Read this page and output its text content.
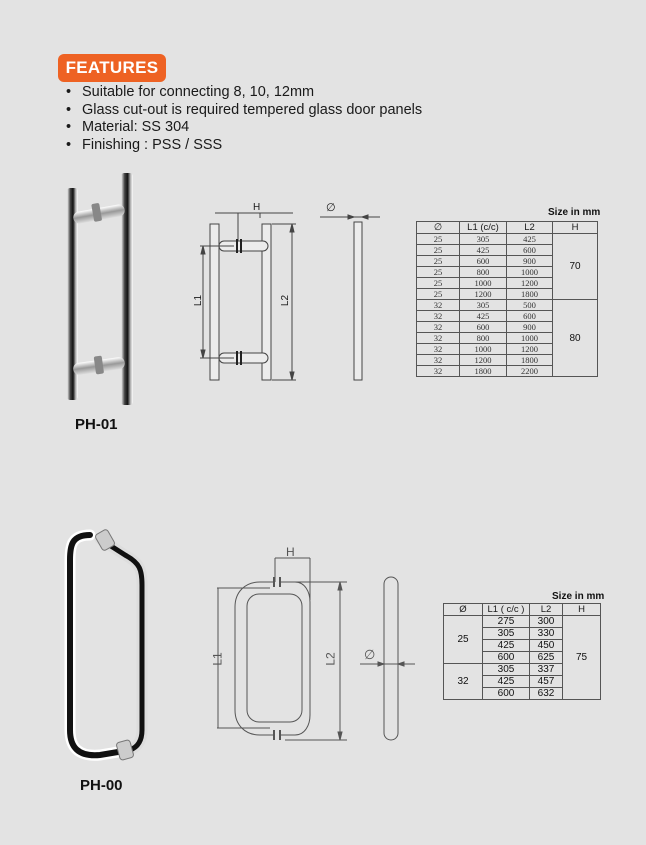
FEATURES
• Suitable for connecting 8, 10, 12mm
• Glass cut-out is required tempered glass door panels
• Material: SS 304
• Finishing : PSS / SSS
PH-01
H
L1	L2
∅	Size in mm
∅	L1 (c/c)	L2	H
25	305	425	70
25	425	600	
25	600	900	
25	800	1000	
25	1000	1200	
25	1200	1800	
32	305	500	80
32	425	600	
32	600	900	
32	800	1000	
32	1000	1200	
32	1200	1800	
32	1800	2200	
PH-00
H
L1	L2 ∅
Size in mm
Ø	L1 ( c/c )	L2	H
25	275	300	75
	305	330	
	425	450	
	600	625	
32	305	337	
	425	457	
	600	632	
